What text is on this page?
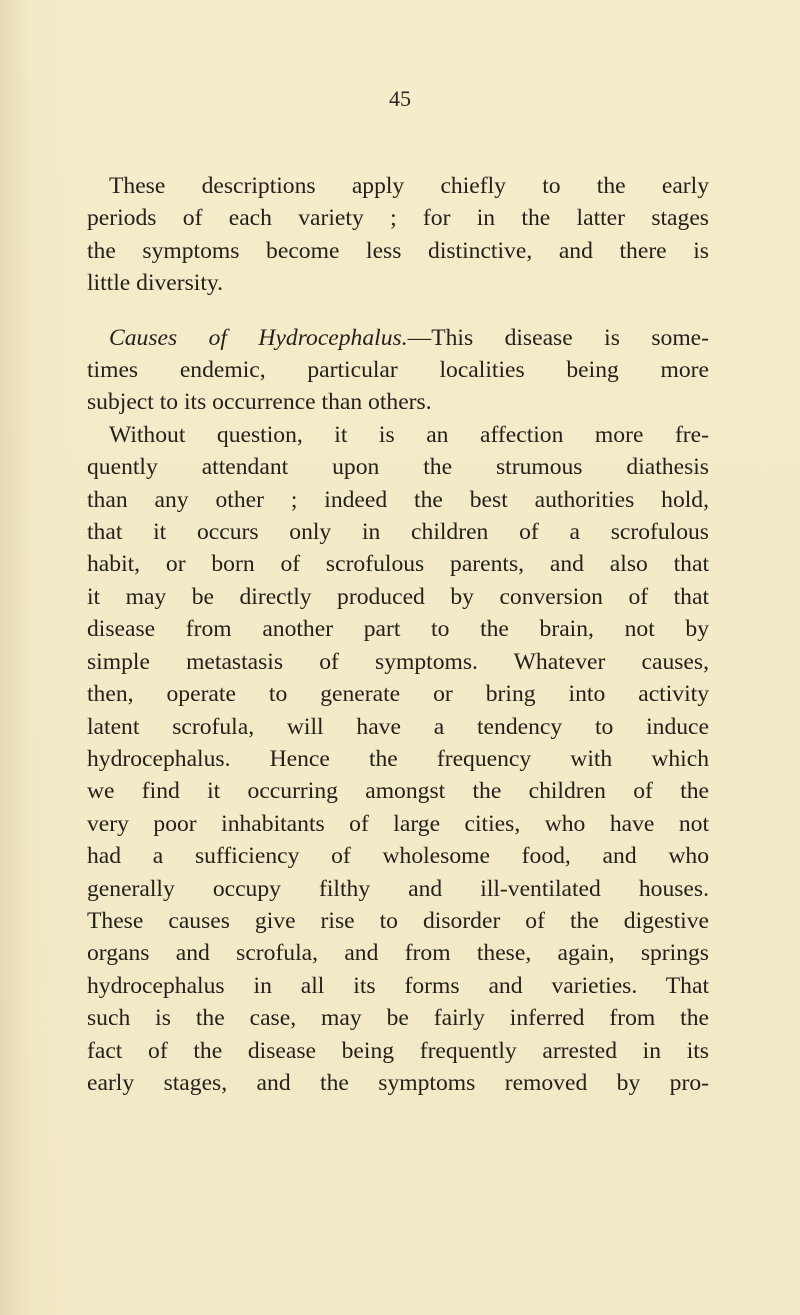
45

These descriptions apply chiefly to the early

periods of each variety ; for in the latter stages

the symptoms become less distinctive, and there is

little diversity.

Causes of Hydrocephalus.—This disease is some-

times endemic, particular localities being more

subject to its occurrence than others.

Without question, it is an affection more fre-

quently attendant upon the strumous diathesis

than any other ; indeed the best authorities hold,

that it occurs only in children of a scrofulous

habit, or born of scrofulous parents, and also that

it may be directly produced by conversion of that

disease from another part to the brain, not by

simple metastasis of symptoms. Whatever causes,

then, operate to generate or bring into activity

latent scrofula, will have a tendency to induce

hydrocephalus. Hence the frequency with which

we find it occurring amongst the children of the

very poor inhabitants of large cities, who have not

had a sufficiency of wholesome food, and who

generally occupy filthy and ill-ventilated houses.

These causes give rise to disorder of the digestive

organs and scrofula, and from these, again, springs

hydrocephalus in all its forms and varieties. That

such is the case, may be fairly inferred from the

fact of the disease being frequently arrested in its

early stages, and the symptoms removed by pro-
